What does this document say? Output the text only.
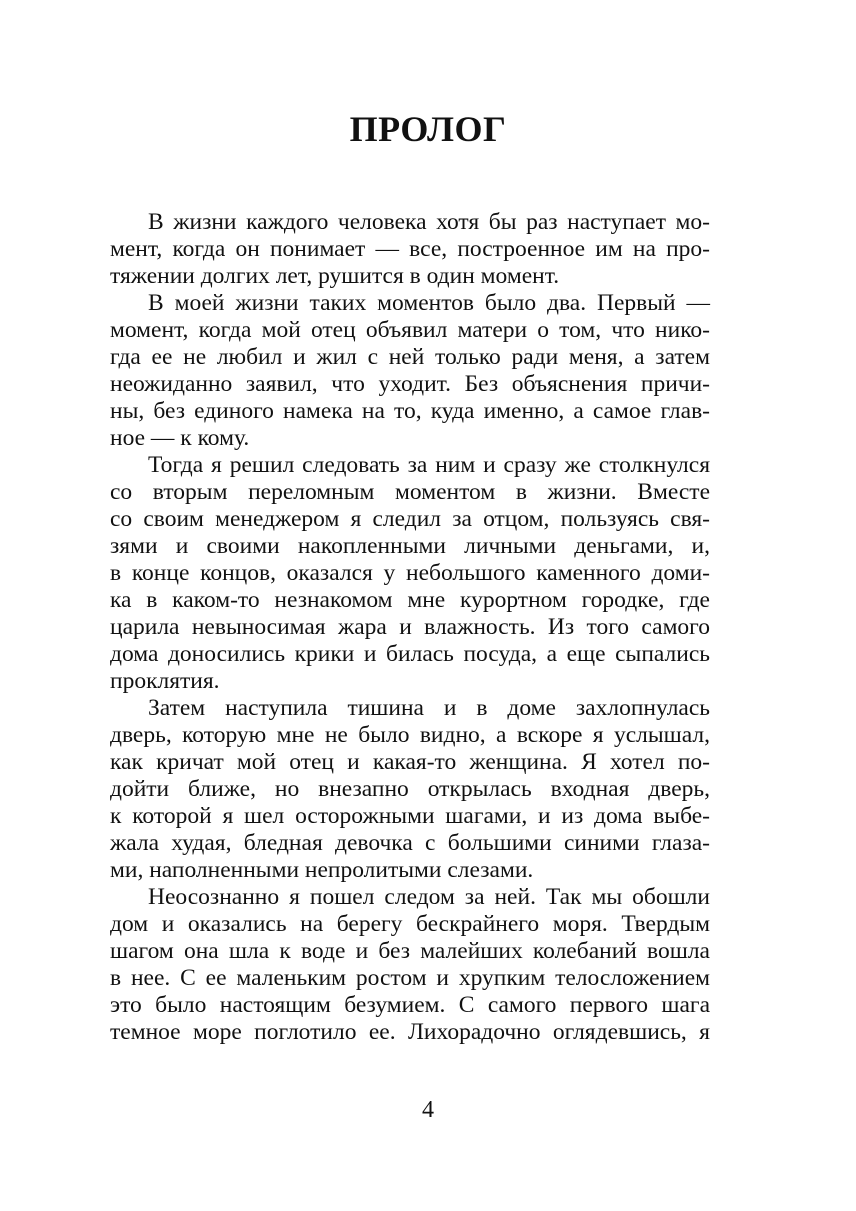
ПРОЛОГ
В жизни каждого человека хотя бы раз наступает мо-
мент, когда он понимает — все, построенное им на про-
тяжении долгих лет, рушится в один момент.
В моей жизни таких моментов было два. Первый —
момент, когда мой отец объявил матери о том, что нико-
гда ее не любил и жил с ней только ради меня, а затем
неожиданно заявил, что уходит. Без объяснения причи-
ны, без единого намека на то, куда именно, а самое глав-
ное — к кому.
Тогда я решил следовать за ним и сразу же столкнулся
со вторым переломным моментом в жизни. Вместе
со своим менеджером я следил за отцом, пользуясь свя-
зями и своими накопленными личными деньгами, и,
в конце концов, оказался у небольшого каменного доми-
ка в каком-то незнакомом мне курортном городке, где
царила невыносимая жара и влажность. Из того самого
дома доносились крики и билась посуда, а еще сыпались
проклятия.
Затем наступила тишина и в доме захлопнулась
дверь, которую мне не было видно, а вскоре я услышал,
как кричат мой отец и какая-то женщина. Я хотел по-
дойти ближе, но внезапно открылась входная дверь,
к которой я шел осторожными шагами, и из дома выбе-
жала худая, бледная девочка с большими синими глаза-
ми, наполненными непролитыми слезами.
Неосознанно я пошел следом за ней. Так мы обошли
дом и оказались на берегу бескрайнего моря. Твердым
шагом она шла к воде и без малейших колебаний вошла
в нее. С ее маленьким ростом и хрупким телосложением
это было настоящим безумием. С самого первого шага
темное море поглотило ее. Лихорадочно оглядевшись, я
4
